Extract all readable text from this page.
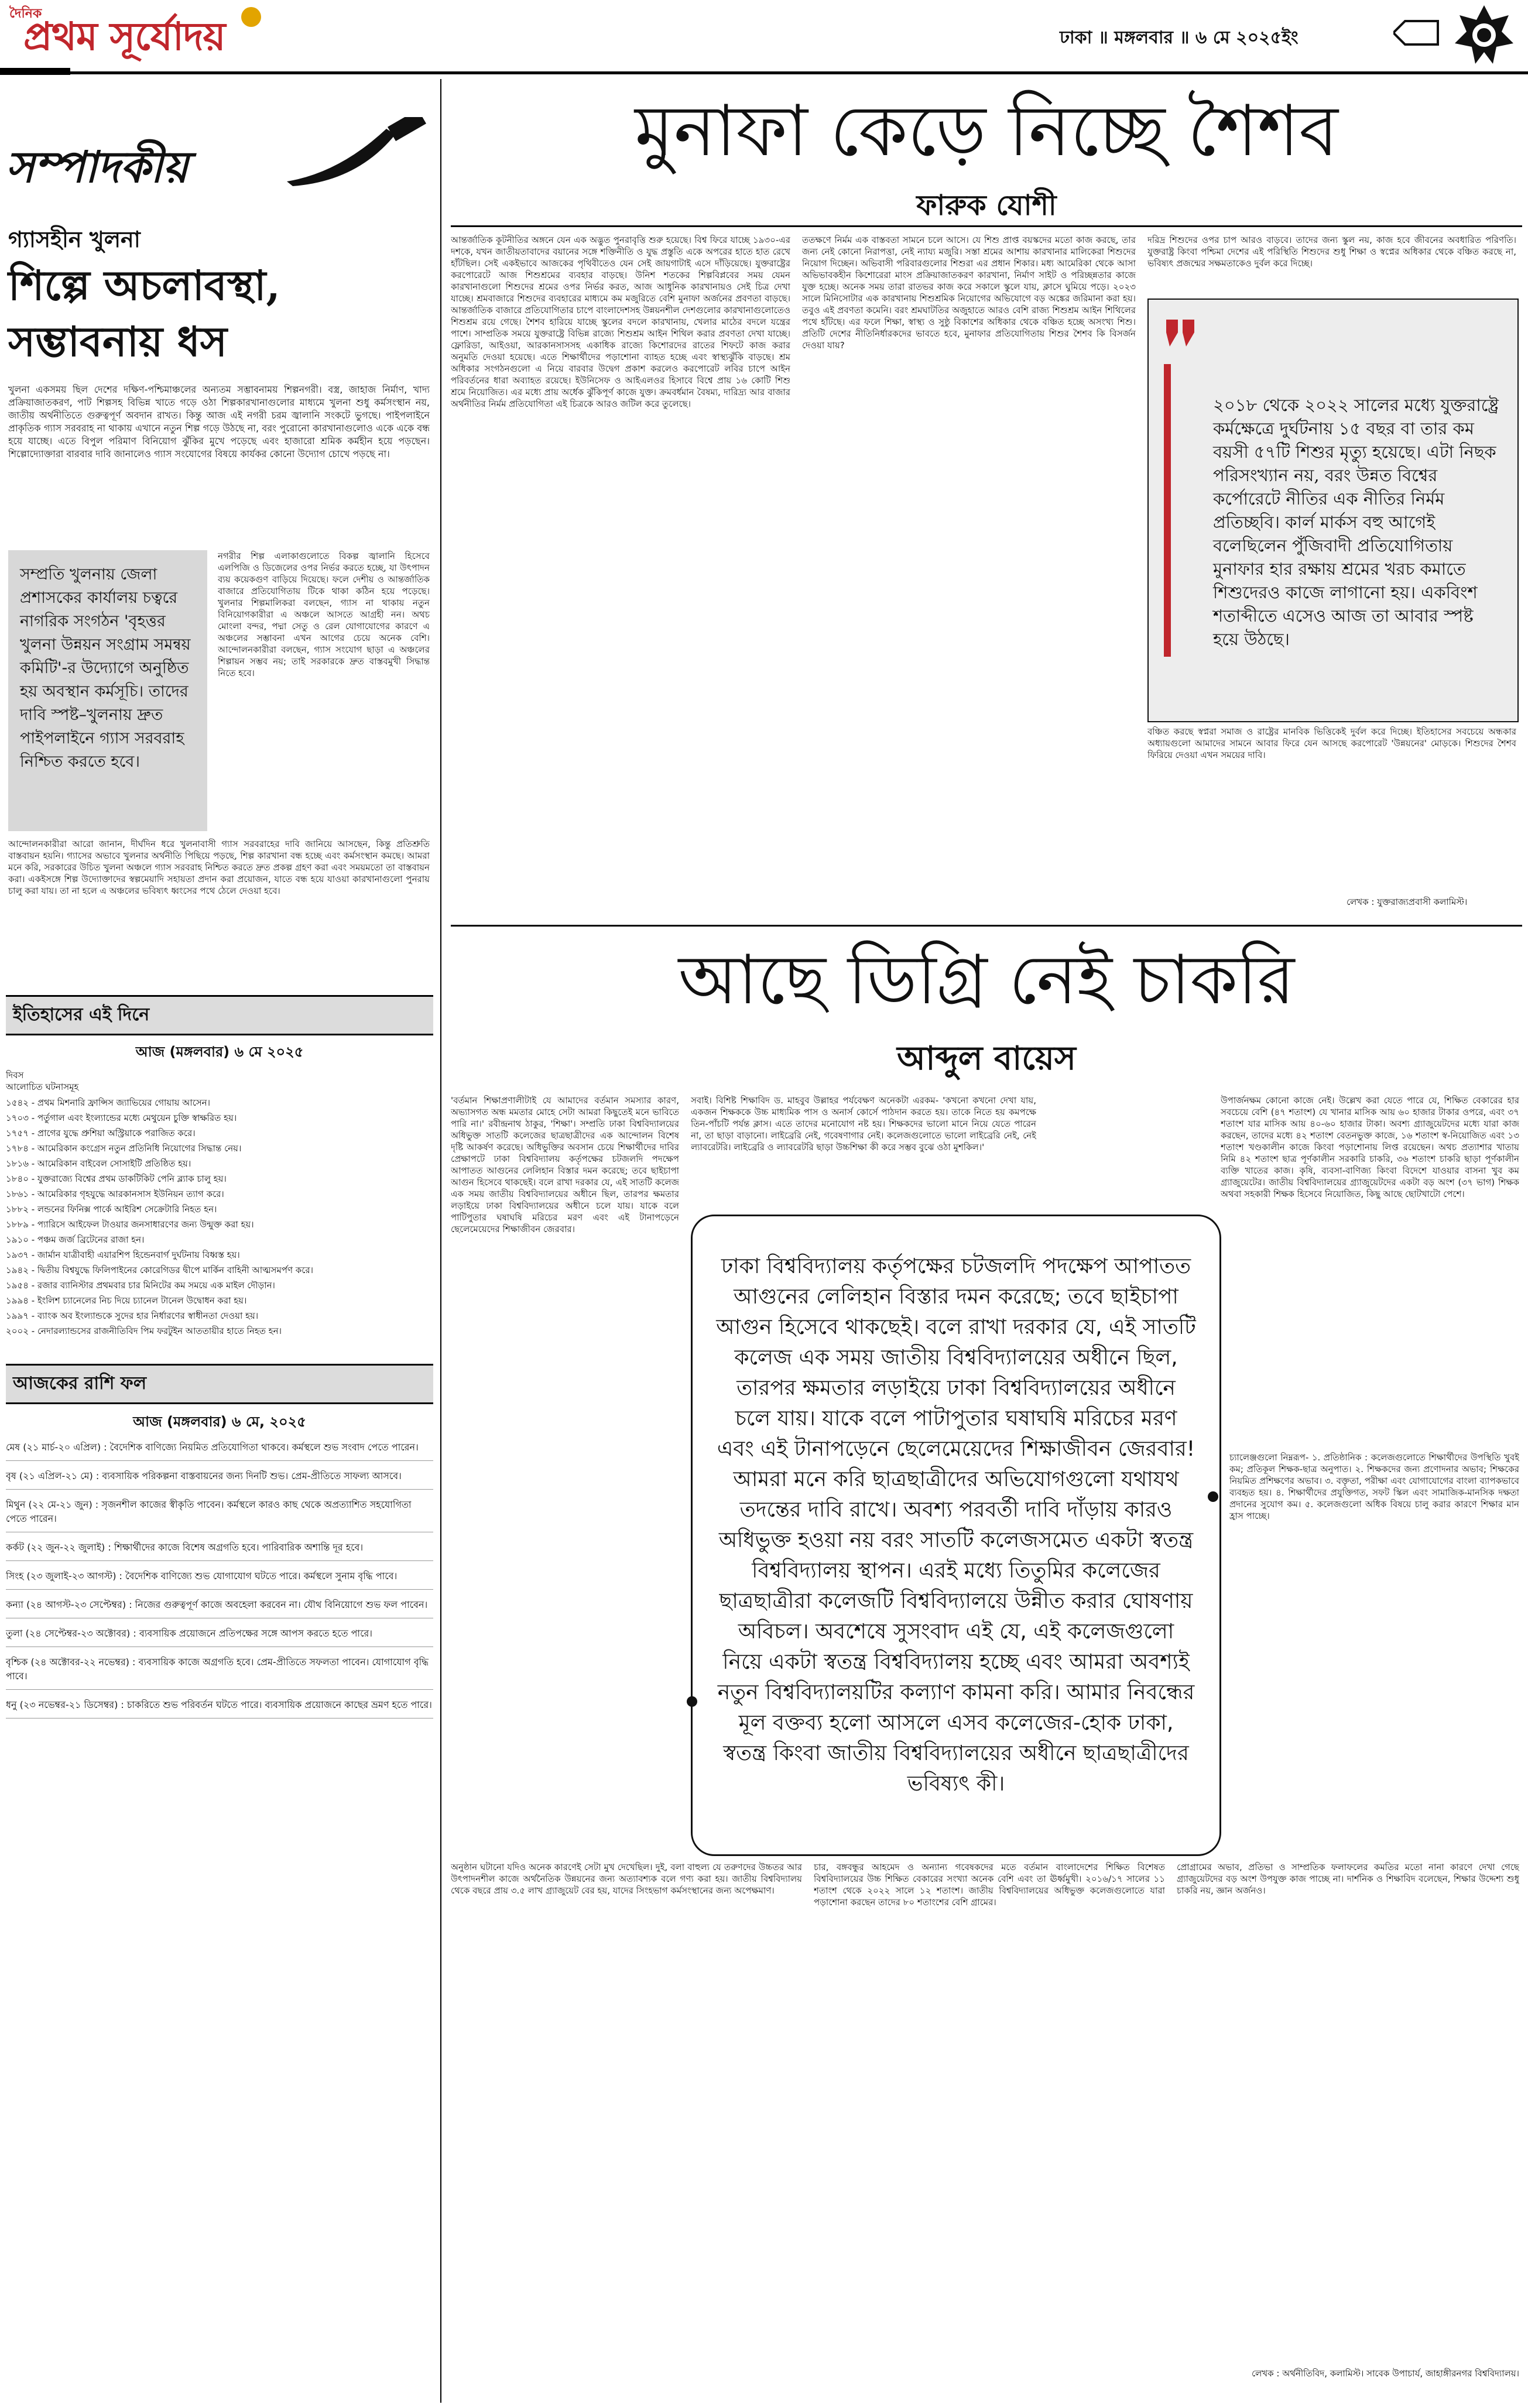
দৈনিক
প্রথম সূর্যোদয়	ঢাকা ॥ মঙ্গলবার ॥ ৬ মে ২০২৫ইং
সম্পাদকীয়
গ্যাসহীন খুলনা
শিল্পে অচলাবস্থা, সম্ভাবনায় ধস
খুলনা একসময় ছিল দেশের দক্ষিণ-পশ্চিমাঞ্চলের অন্যতম সম্ভাবনাময় শিল্পনগরী। বস্ত্র, জাহাজ নির্মাণ, খাদ্য প্রক্রিয়াজাতকরণ, পাট শিল্পসহ বিভিন্ন খাতে গড়ে ওঠা শিল্পকারখানাগুলোর মাধ্যমে খুলনা শুধু কর্মসংস্থান নয়, জাতীয় অর্থনীতিতে গুরুত্বপূর্ণ অবদান রাখত। কিন্তু আজ এই নগরী চরম জ্বালানি সংকটে ভুগছে। পাইপলাইনে প্রাকৃতিক গ্যাস সরবরাহ না থাকায় এখানে নতুন শিল্প গড়ে উঠছে না, বরং পুরোনো কারখানাগুলোও একে একে বন্ধ হয়ে যাচ্ছে। এতে বিপুল পরিমাণ বিনিয়োগ ঝুঁকির মুখে পড়েছে এবং হাজারো শ্রমিক কর্মহীন হয়ে পড়ছেন। শিল্পোদ্যোক্তারা বারবার দাবি জানালেও গ্যাস সংযোগের বিষয়ে কার্যকর কোনো উদ্যোগ চোখে পড়ছে না।
সম্প্রতি খুলনায় জেলা প্রশাসকের কার্যালয় চত্বরে নাগরিক সংগঠন 'বৃহত্তর খুলনা উন্নয়ন সংগ্রাম সমন্বয় কমিটি'-র উদ্যোগে অনুষ্ঠিত হয় অবস্থান কর্মসূচি। তাদের দাবি স্পষ্ট–খুলনায় দ্রুত পাইপলাইনে গ্যাস সরবরাহ নিশ্চিত করতে হবে।
নগরীর শিল্প এলাকাগুলোতে বিকল্প জ্বালানি হিসেবে এলপিজি ও ডিজেলের ওপর নির্ভর করতে হচ্ছে, যা উৎপাদন ব্যয় কয়েকগুণ বাড়িয়ে দিয়েছে। ফলে দেশীয় ও আন্তর্জাতিক বাজারে প্রতিযোগিতায় টিকে থাকা কঠিন হয়ে পড়েছে। খুলনার শিল্পমালিকরা বলছেন, গ্যাস না থাকায় নতুন বিনিয়োগকারীরা এ অঞ্চলে আসতে আগ্রহী নন। অথচ মোংলা বন্দর, পদ্মা সেতু ও রেল যোগাযোগের কারণে এ অঞ্চলের সম্ভাবনা এখন আগের চেয়ে অনেক বেশি। আন্দোলনকারীরা বলছেন, গ্যাস সংযোগ ছাড়া এ অঞ্চলের শিল্পায়ন সম্ভব নয়; তাই সরকারকে দ্রুত বাস্তবমুখী সিদ্ধান্ত নিতে হবে।
আন্দোলনকারীরা আরো জানান, দীর্ঘদিন ধরে খুলনাবাসী গ্যাস সরবরাহের দাবি জানিয়ে আসছেন, কিন্তু প্রতিশ্রুতি বাস্তবায়ন হয়নি। গ্যাসের অভাবে খুলনার অর্থনীতি পিছিয়ে পড়ছে, শিল্প কারখানা বন্ধ হচ্ছে এবং কর্মসংস্থান কমছে। আমরা মনে করি, সরকারের উচিত খুলনা অঞ্চলে গ্যাস সরবরাহ নিশ্চিত করতে দ্রুত প্রকল্প গ্রহণ করা এবং সময়মতো তা বাস্তবায়ন করা। একইসঙ্গে শিল্প উদ্যোক্তাদের স্বল্পমেয়াদি সহায়তা প্রদান করা প্রয়োজন, যাতে বন্ধ হয়ে যাওয়া কারখানাগুলো পুনরায় চালু করা যায়। তা না হলে এ অঞ্চলের ভবিষ্যৎ ধ্বংসের পথে ঠেলে দেওয়া হবে।
ইতিহাসের এই দিনে
আজ (মঙ্গলবার) ৬ মে ২০২৫
দিবস
আলোচিত ঘটনাসমূহ
১৫৪২ - প্রথম মিশনারি ফ্রান্সিস জ্যাভিয়ের গোয়ায় আসেন।
১৭০৩ - পর্তুগাল এবং ইংল্যান্ডের মধ্যে মেথুয়েন চুক্তি স্বাক্ষরিত হয়।
১৭৫৭ - প্রাগের যুদ্ধে প্রুশিয়া অস্ট্রিয়াকে পরাজিত করে।
১৭৮৪ - আমেরিকান কংগ্রেস নতুন প্রতিনিধি নিয়োগের সিদ্ধান্ত নেয়।
১৮১৬ - আমেরিকান বাইবেল সোসাইটি প্রতিষ্ঠিত হয়।
১৮৪০ - যুক্তরাজ্যে বিশ্বের প্রথম ডাকটিকিট পেনি ব্ল্যাক চালু হয়।
১৮৬১ - আমেরিকার গৃহযুদ্ধে আরকানসাস ইউনিয়ন ত্যাগ করে।
১৮৮২ - লন্ডনের ফিনিক্স পার্কে আইরিশ সেক্রেটারি নিহত হন।
১৮৮৯ - প্যারিসে আইফেল টাওয়ার জনসাধারণের জন্য উন্মুক্ত করা হয়।
১৯১০ - পঞ্চম জর্জ ব্রিটেনের রাজা হন।
১৯৩৭ - জার্মান যাত্রীবাহী এয়ারশিপ হিন্ডেনবার্গ দুর্ঘটনায় বিধ্বস্ত হয়।
১৯৪২ - দ্বিতীয় বিশ্বযুদ্ধে ফিলিপাইনের কোরেগিডর দ্বীপে মার্কিন বাহিনী আত্মসমর্পণ করে।
১৯৫৪ - রজার ব্যানিস্টার প্রথমবার চার মিনিটের কম সময়ে এক মাইল দৌড়ান।
১৯৯৪ - ইংলিশ চ্যানেলের নিচ দিয়ে চ্যানেল টানেল উদ্বোধন করা হয়।
১৯৯৭ - ব্যাংক অব ইংল্যান্ডকে সুদের হার নির্ধারণের স্বাধীনতা দেওয়া হয়।
২০০২ - নেদারল্যান্ডসের রাজনীতিবিদ পিম ফরটুইন আততায়ীর হাতে নিহত হন।
আজকের রাশি ফল
আজ (মঙ্গলবার) ৬ মে, ২০২৫
মেষ (২১ মার্চ-২০ এপ্রিল) : বৈদেশিক বাণিজ্যে নিয়মিত প্রতিযোগিতা থাকবে। কর্মস্থলে শুভ সংবাদ পেতে পারেন।
বৃষ (২১ এপ্রিল-২১ মে) : ব্যবসায়িক পরিকল্পনা বাস্তবায়নের জন্য দিনটি শুভ। প্রেম-প্রীতিতে সাফল্য আসবে।
মিথুন (২২ মে-২১ জুন) : সৃজনশীল কাজের স্বীকৃতি পাবেন। কর্মস্থলে কারও কাছ থেকে অপ্রত্যাশিত সহযোগিতা পেতে পারেন।
কর্কট (২২ জুন-২২ জুলাই) : শিক্ষার্থীদের কাজে বিশেষ অগ্রগতি হবে। পারিবারিক অশান্তি দূর হবে।
সিংহ (২৩ জুলাই-২৩ আগস্ট) : বৈদেশিক বাণিজ্যে শুভ যোগাযোগ ঘটতে পারে। কর্মস্থলে সুনাম বৃদ্ধি পাবে।
কন্যা (২৪ আগস্ট-২৩ সেপ্টেম্বর) : নিজের গুরুত্বপূর্ণ কাজে অবহেলা করবেন না। যৌথ বিনিয়োগে শুভ ফল পাবেন।
তুলা (২৪ সেপ্টেম্বর-২৩ অক্টোবর) : ব্যবসায়িক প্রয়োজনে প্রতিপক্ষের সঙ্গে আপস করতে হতে পারে।
বৃশ্চিক (২৪ অক্টোবর-২২ নভেম্বর) : ব্যবসায়িক কাজে অগ্রগতি হবে। প্রেম-প্রীতিতে সফলতা পাবেন। যোগাযোগ বৃদ্ধি পাবে।
ধনু (২৩ নভেম্বর-২১ ডিসেম্বর) : চাকরিতে শুভ পরিবর্তন ঘটতে পারে। ব্যবসায়িক প্রয়োজনে কাছের ভ্রমণ হতে পারে।
মুনাফা কেড়ে নিচ্ছে শৈশব
ফারুক যোশী
আন্তর্জাতিক কূটনীতির অঙ্গনে যেন এক অদ্ভুত পুনরাবৃত্তি শুরু হয়েছে। বিশ্ব ফিরে যাচ্ছে ১৯৩০-এর দশকে, যখন জাতীয়তাবাদের বয়ানের সঙ্গে শক্তিনীতি ও যুদ্ধ প্রস্তুতি একে অপরের হাতে হাত রেখে হাঁটছিল। সেই একইভাবে আজকের পৃথিবীতেও যেন সেই জায়গাটাই এসে দাঁড়িয়েছে। যুক্তরাষ্ট্রের করপোরেটে আজ শিশুশ্রমের ব্যবহার বাড়ছে। উনিশ শতকের শিল্পবিপ্লবের সময় যেমন কারখানাগুলো শিশুদের শ্রমের ওপর নির্ভর করত, আজ আধুনিক কারখানায়ও সেই চিত্র দেখা যাচ্ছে। শ্রমবাজারে শিশুদের ব্যবহারের মাধ্যমে কম মজুরিতে বেশি মুনাফা অর্জনের প্রবণতা বাড়ছে। আন্তর্জাতিক বাজারে প্রতিযোগিতার চাপে বাংলাদেশসহ উন্নয়নশীল দেশগুলোর কারখানাগুলোতেও শিশুশ্রম রয়ে গেছে। শৈশব হারিয়ে যাচ্ছে স্কুলের বদলে কারখানায়, খেলার মাঠের বদলে যন্ত্রের পাশে। সাম্প্রতিক সময়ে যুক্তরাষ্ট্রে বিভিন্ন রাজ্যে শিশুশ্রম আইন শিথিল করার প্রবণতা দেখা যাচ্ছে। ফ্লোরিডা, আইওয়া, আরকানসাসসহ একাধিক রাজ্যে কিশোরদের রাতের শিফটে কাজ করার অনুমতি দেওয়া হয়েছে। এতে শিক্ষার্থীদের পড়াশোনা ব্যাহত হচ্ছে এবং স্বাস্থ্যঝুঁকি বাড়ছে। শ্রম অধিকার সংগঠনগুলো এ নিয়ে বারবার উদ্বেগ প্রকাশ করলেও করপোরেট লবির চাপে আইন পরিবর্তনের ধারা অব্যাহত রয়েছে। ইউনিসেফ ও আইএলওর হিসাবে বিশ্বে প্রায় ১৬ কোটি শিশু শ্রমে নিয়োজিত। এর মধ্যে প্রায় অর্ধেক ঝুঁকিপূর্ণ কাজে যুক্ত। ক্রমবর্ধমান বৈষম্য, দারিদ্র্য আর বাজার অর্থনীতির নির্মম প্রতিযোগিতা এই চিত্রকে আরও জটিল করে তুলেছে।
ততক্ষণে নির্মম এক বাস্তবতা সামনে চলে আসে। যে শিশু প্রাপ্ত বয়স্কদের মতো কাজ করছে, তার জন্য নেই কোনো নিরাপত্তা, নেই ন্যায্য মজুরি। সস্তা শ্রমের আশায় কারখানার মালিকেরা শিশুদের নিয়োগ দিচ্ছেন। অভিবাসী পরিবারগুলোর শিশুরা এর প্রধান শিকার। মধ্য আমেরিকা থেকে আসা অভিভাবকহীন কিশোরেরা মাংস প্রক্রিয়াজাতকরণ কারখানা, নির্মাণ সাইট ও পরিচ্ছন্নতার কাজে যুক্ত হচ্ছে। অনেক সময় তারা রাতভর কাজ করে সকালে স্কুলে যায়, ক্লাসে ঘুমিয়ে পড়ে। ২০২৩ সালে মিনিসোটার এক কারখানায় শিশুশ্রমিক নিয়োগের অভিযোগে বড় অঙ্কের জরিমানা করা হয়। তবুও এই প্রবণতা কমেনি। বরং শ্রমঘাটতির অজুহাতে আরও বেশি রাজ্য শিশুশ্রম আইন শিথিলের পথে হাঁটছে। এর ফলে শিক্ষা, স্বাস্থ্য ও সুষ্ঠু বিকাশের অধিকার থেকে বঞ্চিত হচ্ছে অসংখ্য শিশু। প্রতিটি দেশের নীতিনির্ধারকদের ভাবতে হবে, মুনাফার প্রতিযোগিতায় শিশুর শৈশব কি বিসর্জন দেওয়া যায়?
দরিদ্র শিশুদের ওপর চাপ আরও বাড়বে। তাদের জন্য স্কুল নয়, কাজ হবে জীবনের অবধারিত পরিণতি। যুক্তরাষ্ট্র কিংবা পশ্চিমা দেশের এই পরিস্থিতি শিশুদের শুধু শিক্ষা ও স্বপ্নের অধিকার থেকে বঞ্চিত করছে না, ভবিষ্যৎ প্রজন্মের সক্ষমতাকেও দুর্বল করে দিচ্ছে।
২০১৮ থেকে ২০২২ সালের মধ্যে যুক্তরাষ্ট্রে কর্মক্ষেত্রে দুর্ঘটনায় ১৫ বছর বা তার কম বয়সী ৫৭টি শিশুর মৃত্যু হয়েছে। এটা নিছক পরিসংখ্যান নয়, বরং উন্নত বিশ্বের কর্পোরেটে নীতির এক নীতির নির্মম প্রতিচ্ছবি। কার্ল মার্কস বহু আগেই বলেছিলেন পুঁজিবাদী প্রতিযোগিতায় মুনাফার হার রক্ষায় শ্রমের খরচ কমাতে শিশুদেরও কাজে লাগানো হয়। একবিংশ শতাব্দীতে এসেও আজ তা আবার স্পষ্ট হয়ে উঠছে।
বঞ্চিত করছে স্বপ্নরা সমাজ ও রাষ্ট্রের মানবিক ভিত্তিকেই দুর্বল করে দিচ্ছে। ইতিহাসের সবচেয়ে অন্ধকার অধ্যায়গুলো আমাদের সামনে আবার ফিরে যেন আসছে করপোরেট 'উন্নয়নের' মোড়কে। শিশুদের শৈশব ফিরিয়ে দেওয়া এখন সময়ের দাবি।
লেখক : যুক্তরাজ্যপ্রবাসী কলামিস্ট।
আছে ডিগ্রি নেই চাকরি
আব্দুল বায়েস
'বর্তমান শিক্ষাপ্রণালীটাই যে আমাদের বর্তমান সমস্যার কারণ, অভ্যাসগত অন্ধ মমতার মোহে সেটা আমরা কিছুতেই মনে ভাবিতে পারি না।' রবীন্দ্রনাথ ঠাকুর, 'শিক্ষা'। সম্প্রতি ঢাকা বিশ্ববিদ্যালয়ের অধিভুক্ত সাতটি কলেজের ছাত্রছাত্রীদের এক আন্দোলন বিশেষ দৃষ্টি আকর্ষণ করেছে। অধিভুক্তির অবসান চেয়ে শিক্ষার্থীদের দাবির প্রেক্ষাপটে ঢাকা বিশ্ববিদ্যালয় কর্তৃপক্ষের চটজলদি পদক্ষেপ আপাতত আগুনের লেলিহান বিস্তার দমন করেছে; তবে ছাইচাপা আগুন হিসেবে থাকছেই। বলে রাখা দরকার যে, এই সাতটি কলেজ এক সময় জাতীয় বিশ্ববিদ্যালয়ের অধীনে ছিল, তারপর ক্ষমতার লড়াইয়ে ঢাকা বিশ্ববিদ্যালয়ের অধীনে চলে যায়। যাকে বলে পাটিপুতার ঘষাঘষি মরিচের মরণ এবং এই টানাপড়েনে ছেলেমেয়েদের শিক্ষাজীবন জেরবার।
সবাই। বিশিষ্ট শিক্ষাবিদ ড. মাহবুব উল্লাহর পর্যবেক্ষণ অনেকটা এরকম- 'কখনো কখনো দেখা যায়, একজন শিক্ষককে উচ্চ মাধ্যমিক পাস ও অনার্স কোর্সে পাঠদান করতে হয়। তাকে নিতে হয় কমপক্ষে তিন-পাঁচটি পর্যন্ত ক্লাস। এতে তাদের মনোযোগ নষ্ট হয়। শিক্ষকদের ভালো মানে নিয়ে যেতে পারেন না, তা ছাড়া বাড়ানো। লাইব্রেরি নেই, গবেষণাগার নেই। কলেজগুলোতে ভালো লাইব্রেরি নেই, নেই ল্যাবরেটরি। লাইব্রেরি ও ল্যাবরেটরি ছাড়া উচ্চশিক্ষা কী করে সম্ভব বুঝে ওঠা মুশকিল।'
উপার্জনক্ষম কোনো কাজে নেই। উল্লেখ করা যেতে পারে যে, শিক্ষিত বেকারের হার সবচেয়ে বেশি (৪৭ শতাংশ) যে খানার মাসিক আয় ৬০ হাজার টাকার ওপরে, এবং ৩৭ শতাংশ যার মাসিক আয় ৪০-৬০ হাজার টাকা। অবশ্য গ্র্যাজুয়েটদের মধ্যে যারা কাজ করছেন, তাদের মধ্যে ৪২ শতাংশ বেতনভুক্ত কাজে, ১৬ শতাংশ স্ব-নিয়োজিত এবং ১৩ শতাংশ খণ্ডকালীন কাজে কিংবা পড়াশোনায় লিপ্ত রয়েছেন। অথচ প্রত্যাশার খাতায় নিমি ৪২ শতাংশ ছাত্র পূর্ণকালীন সরকারি চাকরি, ৩৬ শতাংশ চাকরি ছাড়া পূর্ণকালীন ব্যক্তি খাতের কাজ। কৃষি, ব্যবসা-বাণিজ্য কিংবা বিদেশে যাওয়ার বাসনা খুব কম গ্র্যাজুয়েটের। জাতীয় বিশ্ববিদ্যালয়ের গ্র্যাজুয়েটদের একটা বড় অংশ (৩৭ ভাগ) শিক্ষক অথবা সহকারী শিক্ষক হিসেবে নিয়োজিত, কিছু আছে ছোটখাটো পেশে।
ঢাকা বিশ্ববিদ্যালয় কর্তৃপক্ষের চটজলদি পদক্ষেপ আপাতত আগুনের লেলিহান বিস্তার দমন করেছে; তবে ছাইচাপা আগুন হিসেবে থাকছেই। বলে রাখা দরকার যে, এই সাতটি কলেজ এক সময় জাতীয় বিশ্ববিদ্যালয়ের অধীনে ছিল, তারপর ক্ষমতার লড়াইয়ে ঢাকা বিশ্ববিদ্যালয়ের অধীনে চলে যায়। যাকে বলে পাটাপুতার ঘষাঘষি মরিচের মরণ এবং এই টানাপড়েনে ছেলেমেয়েদের শিক্ষাজীবন জেরবার! আমরা মনে করি ছাত্রছাত্রীদের অভিযোগগুলো যথাযথ তদন্তের দাবি রাখে। অবশ্য পরবর্তী দাবি দাঁড়ায় কারও অধিভুক্ত হওয়া নয় বরং সাতটি কলেজসমেত একটা স্বতন্ত্র বিশ্ববিদ্যালয় স্থাপন। এরই মধ্যে তিতুমির কলেজের ছাত্রছাত্রীরা কলেজটি বিশ্ববিদ্যালয়ে উন্নীত করার ঘোষণায় অবিচল। অবশেষে সুসংবাদ এই যে, এই কলেজগুলো নিয়ে একটা স্বতন্ত্র বিশ্ববিদ্যালয় হচ্ছে এবং আমরা অবশ্যই নতুন বিশ্ববিদ্যালয়টির কল্যাণ কামনা করি। আমার নিবন্ধের মূল বক্তব্য হলো আসলে এসব কলেজের-হোক ঢাকা, স্বতন্ত্র কিংবা জাতীয় বিশ্ববিদ্যালয়ের অধীনে ছাত্রছাত্রীদের ভবিষ্যৎ কী।
চ্যালেঞ্জগুলো নিম্নরূপ- ১. প্রতিষ্ঠানিক : কলেজগুলোতে শিক্ষার্থীদের উপস্থিতি খুবই কম; প্রতিকূল শিক্ষক-ছাত্র অনুপাত। ২. শিক্ষকদের জন্য প্রণোদনার অভাব; শিক্ষকের নিয়মিত প্রশিক্ষণের অভাব। ৩. বক্তৃতা, পরীক্ষা এবং যোগাযোগের বাংলা ব্যাপকভাবে ব্যবহৃত হয়। ৪. শিক্ষার্থীদের প্রযুক্তিগত, সফট স্কিল এবং সামাজিক-মানসিক দক্ষতা প্রদানের সুযোগ কম। ৫. কলেজগুলো অধিক বিষয়ে চালু করার কারণে শিক্ষার মান হ্রাস পাচ্ছে।
অনুষ্ঠান ঘটানো যদিও অনেক কারণেই সেটা মুখ দেখেছিল। দুই, বলা বাহুল্য যে তরুণদের উচ্চতর আর উৎপাদনশীল কাজে অর্থনৈতিক উন্নয়নের জন্য অত্যাবশ্যক বলে গণ্য করা হয়। জাতীয় বিশ্ববিদ্যালয় থেকে বছরে প্রায় ৩.৫ লাখ গ্র্যাজুয়েট বের হয়, যাদের সিংহভাগ কর্মসংস্থানের জন্য অপেক্ষমাণ।
চার, বঙ্গবন্ধুর আহমেদ ও অন্যান্য গবেষকদের মতে বর্তমান বাংলাদেশের শিক্ষিত বিশেষত বিশ্ববিদ্যালয়ের উচ্চ শিক্ষিত বেকারের সংখ্যা অনেক বেশি এবং তা ঊর্ধ্বমুখী। ২০১৬/১৭ সালের ১১ শতাংশ থেকে ২০২২ সালে ১২ শতাংশ। জাতীয় বিশ্ববিদ্যালয়ের অধিভুক্ত কলেজগুলোতে যারা পড়াশোনা করছেন তাদের ৮০ শতাংশের বেশি গ্রামের।
প্রোগ্রামের অভাব, প্রতিভা ও সাম্প্রতিক ফলাফলের কমতির মতো নানা কারণে দেখা গেছে গ্র্যাজুয়েটদের বড় অংশ উপযুক্ত কাজ পাচ্ছে না। দার্শনিক ও শিক্ষাবিদ বলেছেন, শিক্ষার উদ্দেশ্য শুধু চাকরি নয়, জ্ঞান অর্জনও।
লেখক : অর্থনীতিবিদ, কলামিস্ট। সাবেক উপাচার্য, জাহাঙ্গীরনগর বিশ্ববিদ্যালয়।
